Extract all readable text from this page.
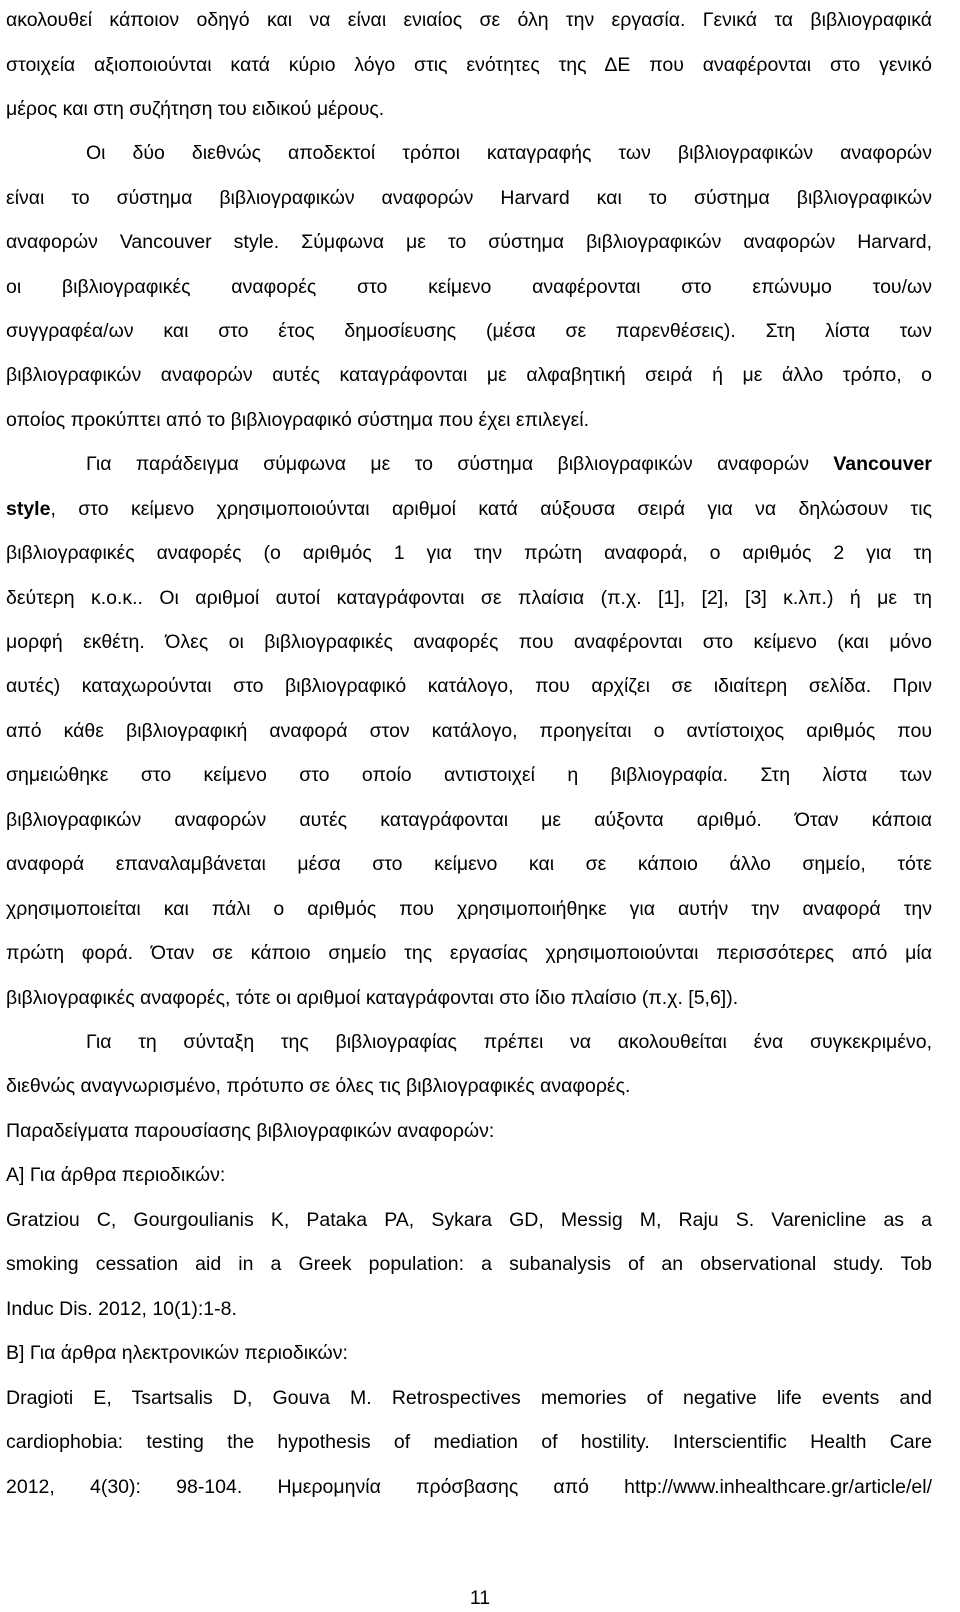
ακολουθεί κάποιον οδηγό και να είναι ενιαίος σε όλη την εργασία. Γενικά τα βιβλιογραφικά
στοιχεία αξιοποιούνται κατά κύριο λόγο στις ενότητες της ΔΕ που αναφέρονται στο γενικό
μέρος και στη συζήτηση του ειδικού μέρους.
Οι δύο διεθνώς αποδεκτοί τρόποι καταγραφής των βιβλιογραφικών αναφορών
είναι το σύστημα βιβλιογραφικών αναφορών Harvard και το σύστημα βιβλιογραφικών
αναφορών Vancouver style. Σύμφωνα με το σύστημα βιβλιογραφικών αναφορών Harvard,
οι βιβλιογραφικές αναφορές στο κείμενο αναφέρονται στο επώνυμο του/ων
συγγραφέα/ων και στο έτος δημοσίευσης (μέσα σε παρενθέσεις). Στη λίστα των
βιβλιογραφικών αναφορών αυτές καταγράφονται με αλφαβητική σειρά ή με άλλο τρόπο, ο
οποίος προκύπτει από το βιβλιογραφικό σύστημα που έχει επιλεγεί.
Για παράδειγμα σύμφωνα με το σύστημα βιβλιογραφικών αναφορών Vancouver
style, στο κείμενο χρησιμοποιούνται αριθμοί κατά αύξουσα σειρά για να δηλώσουν τις
βιβλιογραφικές αναφορές (ο αριθμός 1 για την πρώτη αναφορά, ο αριθμός 2 για τη
δεύτερη κ.ο.κ.. Οι αριθμοί αυτοί καταγράφονται σε πλαίσια (π.χ. [1], [2], [3] κ.λπ.) ή με τη
μορφή εκθέτη. Όλες οι βιβλιογραφικές αναφορές που αναφέρονται στο κείμενο (και μόνο
αυτές) καταχωρούνται στο βιβλιογραφικό κατάλογο, που αρχίζει σε ιδιαίτερη σελίδα. Πριν
από κάθε βιβλιογραφική αναφορά στον κατάλογο, προηγείται ο αντίστοιχος αριθμός που
σημειώθηκε στο κείμενο στο οποίο αντιστοιχεί η βιβλιογραφία. Στη λίστα των
βιβλιογραφικών αναφορών αυτές καταγράφονται με αύξοντα αριθμό. Όταν κάποια
αναφορά επαναλαμβάνεται μέσα στο κείμενο και σε κάποιο άλλο σημείο, τότε
χρησιμοποιείται και πάλι ο αριθμός που χρησιμοποιήθηκε για αυτήν την αναφορά την
πρώτη φορά. Όταν σε κάποιο σημείο της εργασίας χρησιμοποιούνται περισσότερες από μία
βιβλιογραφικές αναφορές, τότε οι αριθμοί καταγράφονται στο ίδιο πλαίσιο (π.χ. [5,6]).
Για τη σύνταξη της βιβλιογραφίας πρέπει να ακολουθείται ένα συγκεκριμένο,
διεθνώς αναγνωρισμένο, πρότυπο σε όλες τις βιβλιογραφικές αναφορές.
Παραδείγματα παρουσίασης βιβλιογραφικών αναφορών:
Α] Για άρθρα περιοδικών:
Gratziou C, Gourgoulianis K, Pataka PA, Sykara GD, Messig M, Raju S. Varenicline as a
smoking cessation aid in a Greek population: a subanalysis of an observational study. Tob
Induc Dis. 2012, 10(1):1-8.
Β] Για άρθρα ηλεκτρονικών περιοδικών:
Dragioti E, Tsartsalis D, Gouva M. Retrospectives memories of negative life events and
cardiophobia: testing the hypothesis of mediation of hostility. Interscientific Health Care
2012, 4(30): 98-104. Ημερομηνία πρόσβασης από http://www.inhealthcare.gr/article/el/
11
